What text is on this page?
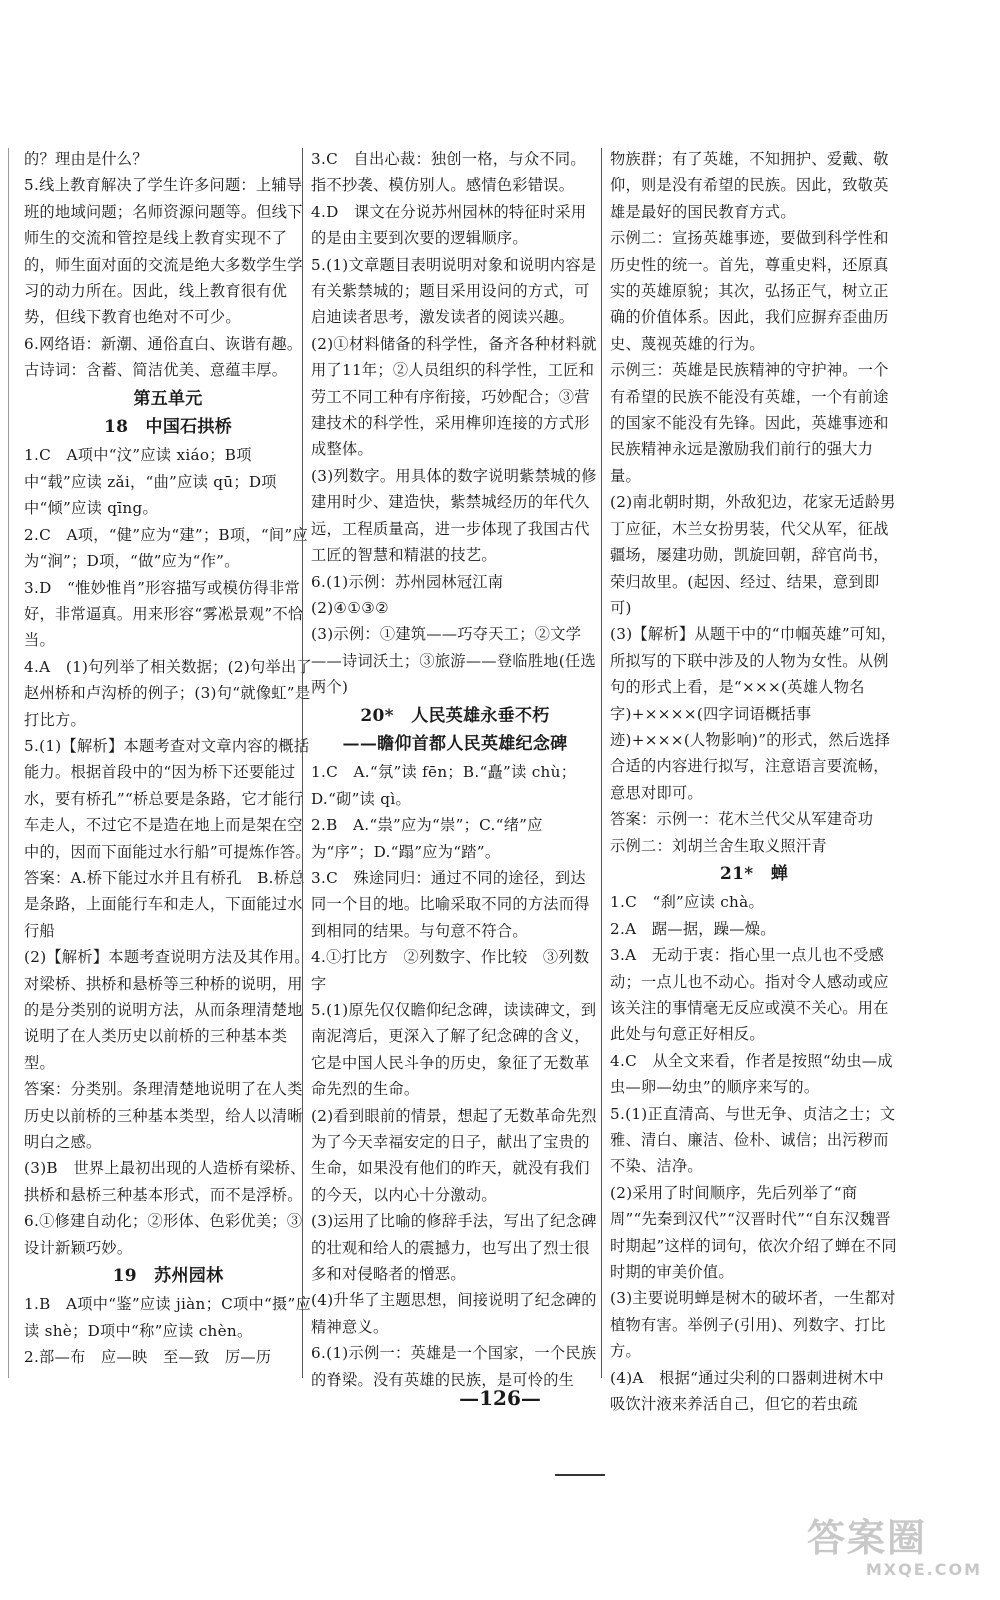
的？理由是什么？

5.线上教育解决了学生许多问题：上辅导班的地域问题；名师资源问题等。但线下师生的交流和管控是线上教育实现不了的，师生面对面的交流是绝大多数学生学习的动力所在。因此，线上教育很有优势，但线下教育也绝对不可少。

6.网络语：新潮、通俗直白、诙谐有趣。

古诗词：含蓄、简洁优美、意蕴丰厚。

第五单元

18　中国石拱桥

1.C　A项中“汶”应读 xiáo；B项中“载”应读 zǎi，“曲”应读 qū；D项中“倾”应读 qīng。

2.C　A项，“健”应为“建”；B项，“间”应为“涧”；D项，“做”应为“作”。

3.D　“惟妙惟肖”形容描写或模仿得非常好，非常逼真。用来形容“雾凇景观”不恰当。

4.A　(1)句列举了相关数据；(2)句举出了赵州桥和卢沟桥的例子；(3)句“就像虹”是打比方。

5.(1)【解析】本题考查对文章内容的概括能力。根据首段中的“因为桥下还要能过水，要有桥孔”“桥总要是条路，它才能行车走人，不过它不是造在地上而是架在空中的，因而下面能过水行船”可提炼作答。

答案：A.桥下能过水并且有桥孔　B.桥总是条路，上面能行车和走人，下面能过水行船

(2)【解析】本题考查说明方法及其作用。对梁桥、拱桥和悬桥等三种桥的说明，用的是分类别的说明方法，从而条理清楚地说明了在人类历史以前桥的三种基本类型。

答案：分类别。条理清楚地说明了在人类历史以前桥的三种基本类型，给人以清晰明白之感。

(3)B　世界上最初出现的人造桥有梁桥、拱桥和悬桥三种基本形式，而不是浮桥。

6.①修建自动化；②形体、色彩优美；③设计新颖巧妙。

19　苏州园林

1.B　A项中“鉴”应读 jiàn；C项中“摄”应读 shè；D项中“称”应读 chèn。

2.部—布　应—映　至—致　厉—历

3.C　自出心裁：独创一格，与众不同。指不抄袭、模仿别人。感情色彩错误。

4.D　课文在分说苏州园林的特征时采用的是由主要到次要的逻辑顺序。

5.(1)文章题目表明说明对象和说明内容是有关紫禁城的；题目采用设问的方式，可启迪读者思考，激发读者的阅读兴趣。

(2)①材料储备的科学性，备齐各种材料就用了11年；②人员组织的科学性，工匠和劳工不同工种有序衔接，巧妙配合；③营建技术的科学性，采用榫卯连接的方式形成整体。

(3)列数字。用具体的数字说明紫禁城的修建用时少、建造快，紫禁城经历的年代久远，工程质量高，进一步体现了我国古代工匠的智慧和精湛的技艺。

6.(1)示例：苏州园林冠江南

(2)④①③②

(3)示例：①建筑——巧夺天工；②文学——诗词沃土；③旅游——登临胜地(任选两个)

20*　人民英雄永垂不朽

——瞻仰首都人民英雄纪念碑

1.C　A.“氛”读 fēn；B.“矗”读 chù；D.“砌”读 qì。

2.B　A.“祟”应为“崇”；C.“绪”应为“序”；D.“蹋”应为“踏”。

3.C　殊途同归：通过不同的途径，到达同一个目的地。比喻采取不同的方法而得到相同的结果。与句意不符合。

4.①打比方　②列数字、作比较　③列数字

5.(1)原先仅仅瞻仰纪念碑，读读碑文，到南泥湾后，更深入了解了纪念碑的含义，它是中国人民斗争的历史，象征了无数革命先烈的生命。

(2)看到眼前的情景，想起了无数革命先烈为了今天幸福安定的日子，献出了宝贵的生命，如果没有他们的昨天，就没有我们的今天，以内心十分激动。

(3)运用了比喻的修辞手法，写出了纪念碑的壮观和给人的震撼力，也写出了烈士很多和对侵略者的憎恶。

(4)升华了主题思想，间接说明了纪念碑的精神意义。

6.(1)示例一：英雄是一个国家，一个民族的脊梁。没有英雄的民族，是可怜的生

物族群；有了英雄，不知拥护、爱戴、敬仰，则是没有希望的民族。因此，致敬英雄是最好的国民教育方式。

示例二：宣扬英雄事迹，要做到科学性和历史性的统一。首先，尊重史料，还原真实的英雄原貌；其次，弘扬正气，树立正确的价值体系。因此，我们应摒弃歪曲历史、蔑视英雄的行为。

示例三：英雄是民族精神的守护神。一个有希望的民族不能没有英雄，一个有前途的国家不能没有先锋。因此，英雄事迹和民族精神永远是激励我们前行的强大力量。

(2)南北朝时期，外敌犯边，花家无适龄男丁应征，木兰女扮男装，代父从军，征战疆场，屡建功勋，凯旋回朝，辞官尚书，荣归故里。(起因、经过、结果，意到即可)

(3)【解析】从题干中的“巾帼英雄”可知，所拟写的下联中涉及的人物为女性。从例句的形式上看，是“×××(英雄人物名字)+××××(四字词语概括事迹)+×××(人物影响)”的形式，然后选择合适的内容进行拟写，注意语言要流畅，意思对即可。

答案：示例一：花木兰代父从军建奇功

示例二：刘胡兰舍生取义照汗青

21*　蝉

1.C　“刹”应读 chà。

2.A　踞—据，躁—燥。

3.A　无动于衷：指心里一点儿也不受感动；一点儿也不动心。指对令人感动或应该关注的事情毫无反应或漠不关心。用在此处与句意正好相反。

4.C　从全文来看，作者是按照“幼虫—成虫—卵—幼虫”的顺序来写的。

5.(1)正直清高、与世无争、贞洁之士；文雅、清白、廉洁、俭朴、诚信；出污秽而不染、洁净。

(2)采用了时间顺序，先后列举了“商周”“先秦到汉代”“汉晋时代”“自东汉魏晋时期起”这样的词句，依次介绍了蝉在不同时期的审美价值。

(3)主要说明蝉是树木的破坏者，一生都对植物有害。举例子(引用)、列数字、打比方。

(4)A　根据“通过尖利的口器刺进树木中吸饮汁液来养活自己，但它的若虫疏

—126—
答案圈
MXQE.COM
